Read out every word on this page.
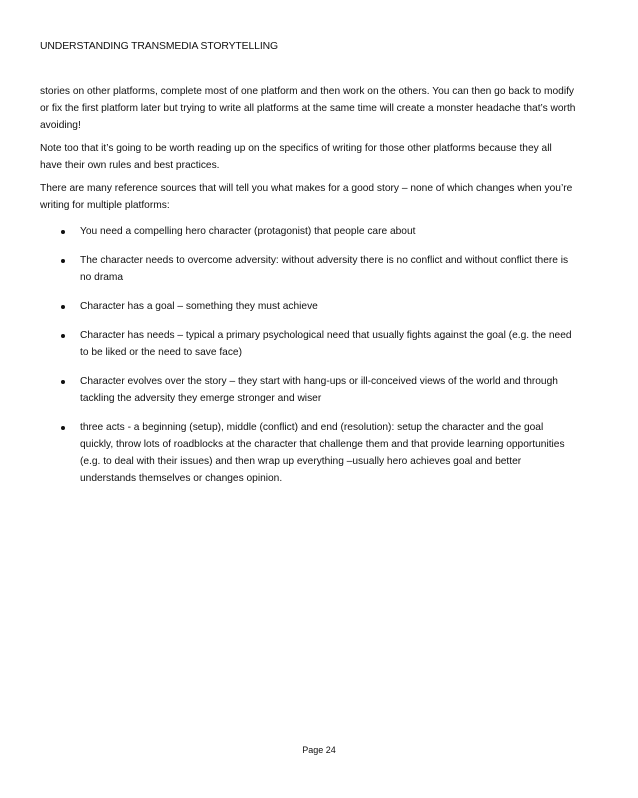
UNDERSTANDING TRANSMEDIA STORYTELLING

stories on other platforms, complete most of one platform and then work on the others. You can then go back to modify or fix the first platform later but trying to write all platforms at the same time will create a monster headache that’s worth avoiding!

Note too that it’s going to be worth reading up on the specifics of writing for those other platforms because they all have their own rules and best practices.

There are many reference sources that will tell you what makes for a good story – none of which changes when you’re writing for multiple platforms:

You need a compelling hero character (protagonist) that people care about
The character needs to overcome adversity: without adversity there is no conflict and without conflict there is no drama
Character has a goal – something they must achieve
Character has needs – typical a primary psychological need that usually fights against the goal (e.g. the need to be liked or the need to save face)
Character evolves over the story – they start with hang-ups or ill-conceived views of the world and through tackling the adversity they emerge stronger and wiser
three acts - a beginning (setup), middle (conflict) and end (resolution): setup the character and the goal quickly, throw lots of roadblocks at the character that challenge them and that provide learning opportunities (e.g. to deal with their issues) and then wrap up everything –usually hero achieves goal and better understands themselves or changes opinion.
Page 24
